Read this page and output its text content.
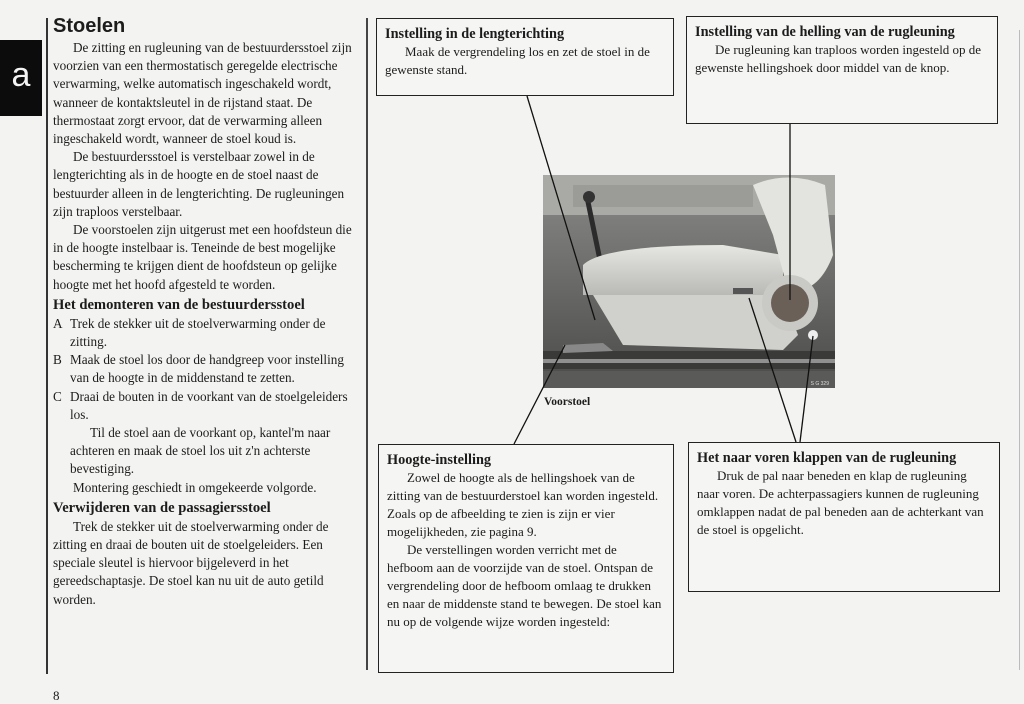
a
Stoelen

De zitting en rugleuning van de bestuurdersstoel zijn voorzien van een thermostatisch geregelde electrische verwarming, welke automatisch ingeschakeld wordt, wanneer de kontaktsleutel in de rijstand staat. De thermostaat zorgt ervoor, dat de verwarming alleen ingeschakeld wordt, wanneer de stoel koud is.

De bestuurdersstoel is verstelbaar zowel in de lengterichting als in de hoogte en de stoel naast de bestuurder alleen in de lengterichting. De rugleuningen zijn traploos verstelbaar.

De voorstoelen zijn uitgerust met een hoofdsteun die in de hoogte instelbaar is. Teneinde de best mogelijke bescherming te krijgen dient de hoofdsteun op gelijke hoogte met het hoofd afgesteld te worden.

Het demonteren van de bestuurdersstoel
A Trek de stekker uit de stoelverwarming onder de zitting.
B Maak de stoel los door de handgreep voor instelling van de hoogte in de middenstand te zetten.
C Draai de bouten in de voorkant van de stoelgeleiders los.

Til de stoel aan de voorkant op, kantel'm naar achteren en maak de stoel los uit z'n achterste bevestiging.

Montering geschiedt in omgekeerde volgorde.

Verwijderen van de passagiersstoel

Trek de stekker uit de stoelverwarming onder de zitting en draai de bouten uit de stoelgeleiders. Een speciale sleutel is hiervoor bijgeleverd in het gereedschaptasje. De stoel kan nu uit de auto getild worden.

8
Instelling in de lengterichting

Maak de vergrendeling los en zet de stoel in de gewenste stand.

Instelling van de helling van de rugleuning

De rugleuning kan traploos worden ingesteld op de gewenste hellingshoek door middel van de knop.

Hoogte-instelling

Zowel de hoogte als de hellingshoek van de zitting van de bestuurderstoel kan worden ingesteld. Zoals op de afbeelding te zien is zijn er vier mogelijkheden, zie pagina 9.

De verstellingen worden verricht met de hefboom aan de voorzijde van de stoel. Ontspan de vergrendeling door de hefboom omlaag te drukken en naar de middenste stand te bewegen. De stoel kan nu op de volgende wijze worden ingesteld:

Het naar voren klappen van de rugleuning

Druk de pal naar beneden en klap de rugleuning naar voren. De achterpassagiers kunnen de rugleuning omklappen nadat de pal beneden aan de achterkant van de stoel is opgelicht.

S G 329
Voorstoel
